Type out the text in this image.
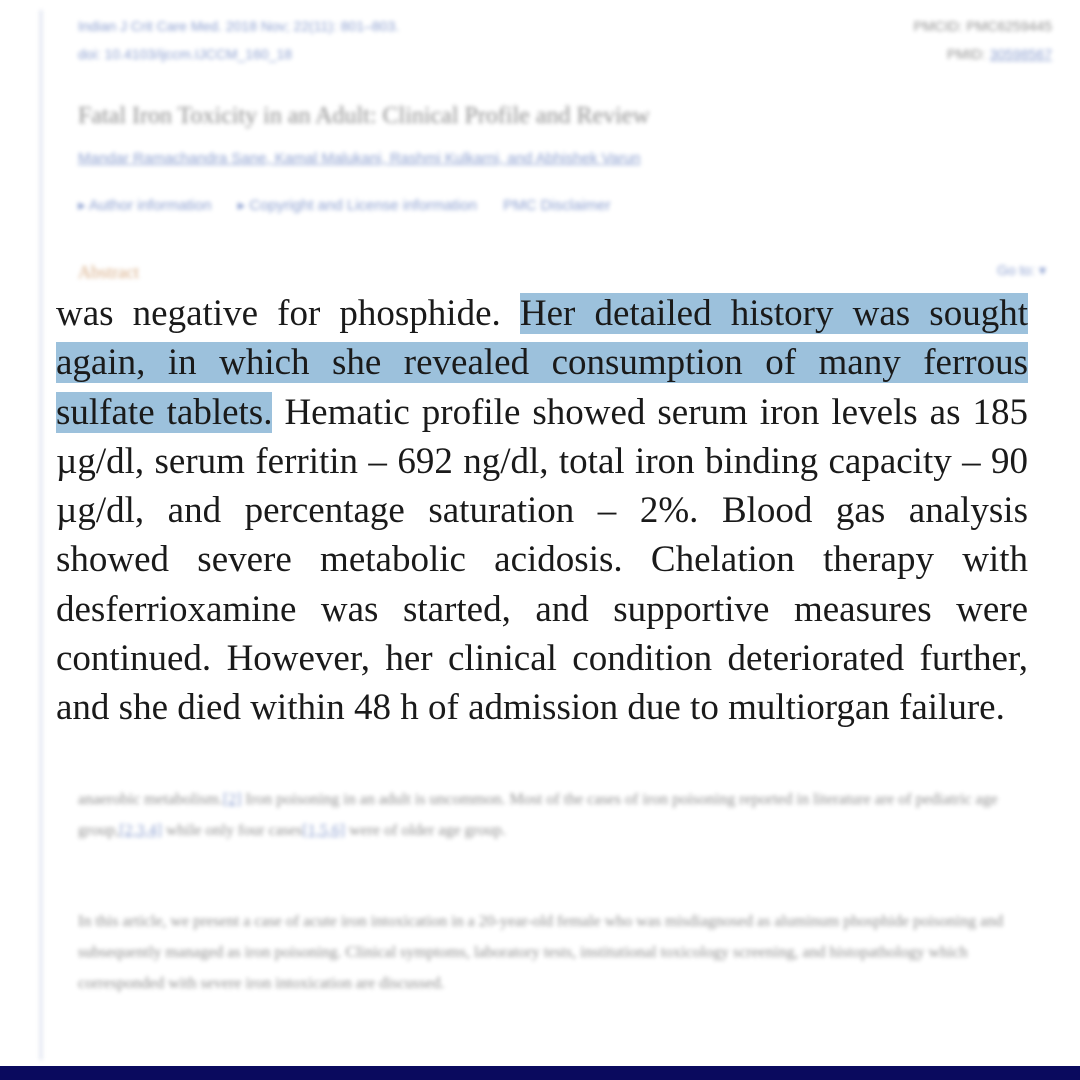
Indian J Crit Care Med. 2018 Nov; 22(11): 801–803.
doi: 10.4103/ijccm.IJCCM_160_18
PMCID: PMC6259445
PMID: 30598567
Fatal Iron Toxicity in an Adult: Clinical Profile and Review
Mandar Ramachandra Sane, Kamal Malukani, Rashmi Kulkarni, and Abhishek Varun
▸ Author information ▸ Copyright and License information PMC Disclaimer
Abstract	Go to: ▾
anaerobic metabolism.[2] Iron poisoning in an adult is uncommon. Most of the cases of iron poisoning reported in literature are of pediatric age group,[2,3,4] while only four cases[1,5,6] were of older age group.
In this article, we present a case of acute iron intoxication in a 20-year-old female who was misdiagnosed as aluminum phosphide poisoning and subsequently managed as iron poisoning. Clinical symptoms, laboratory tests, institutional toxicology screening, and histopathology which corresponded with severe iron intoxication are discussed.
was negative for phosphide. Her detailed history was sought again, in which she revealed consumption of many ferrous sulfate tablets. Hematic profile showed serum iron levels as 185 µg/dl, serum ferritin – 692 ng/dl, total iron binding capacity – 90 µg/dl, and percentage saturation – 2%. Blood gas analysis showed severe metabolic acidosis. Chelation therapy with desferrioxamine was started, and supportive measures were continued. However, her clinical condition deteriorated further, and she died within 48 h of admission due to multiorgan failure.
